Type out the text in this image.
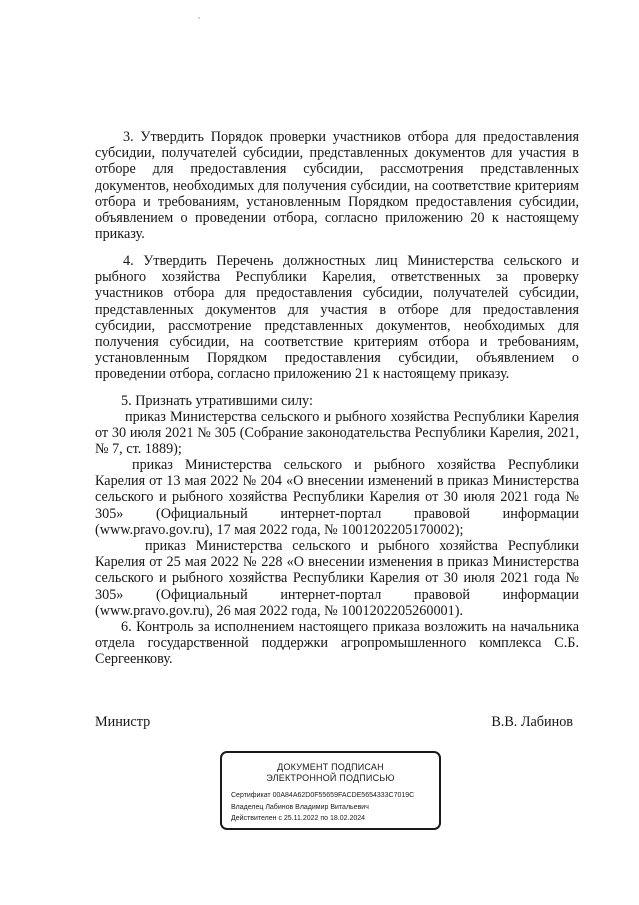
3. Утвердить Порядок проверки участников отбора для предоставления субсидии, получателей субсидии, представленных документов для участия в отборе для предоставления субсидии, рассмотрения представленных документов, необходимых для получения субсидии, на соответствие критериям отбора и требованиям, установленным Порядком предоставления субсидии, объявлением о проведении отбора, согласно приложению 20 к настоящему приказу.

4. Утвердить Перечень должностных лиц Министерства сельского и рыбного хозяйства Республики Карелия, ответственных за проверку участников отбора для предоставления субсидии, получателей субсидии, представленных документов для участия в отборе для предоставления субсидии, рассмотрение представленных документов, необходимых для получения субсидии, на соответствие критериям отбора и требованиям, установленным Порядком предоставления субсидии, объявлением о проведении отбора, согласно приложению 21 к настоящему приказу.

5. Признать утратившими силу:

приказ Министерства сельского и рыбного хозяйства Республики Карелия от 30 июля 2021 № 305 (Собрание законодательства Республики Карелия, 2021, № 7, ст. 1889);

приказ Министерства сельского и рыбного хозяйства Республики Карелия от 13 мая 2022 № 204 «О внесении изменений в приказ Министерства сельского и рыбного хозяйства Республики Карелия от 30 июля 2021 года № 305» (Официальный интернет-портал правовой информации (www.pravo.gov.ru), 17 мая 2022 года, № 1001202205170002);

приказ Министерства сельского и рыбного хозяйства Республики Карелия от 25 мая 2022 № 228 «О внесении изменения в приказ Министерства сельского и рыбного хозяйства Республики Карелия от 30 июля 2021 года № 305» (Официальный интернет-портал правовой информации (www.pravo.gov.ru), 26 мая 2022 года, № 1001202205260001).

6. Контроль за исполнением настоящего приказа возложить на начальника отдела государственной поддержки агропромышленного комплекса С.Б. Сергеенкову.

Министр	В.В. Лабинов

ДОКУМЕНТ ПОДПИСАН
ЭЛЕКТРОННОЙ ПОДПИСЬЮ
Сертификат 00A84A62D0F55659FACDE5654333C7019C
Владелец Лабинов Владимир Витальевич
Действителен с 25.11.2022 по 18.02.2024
